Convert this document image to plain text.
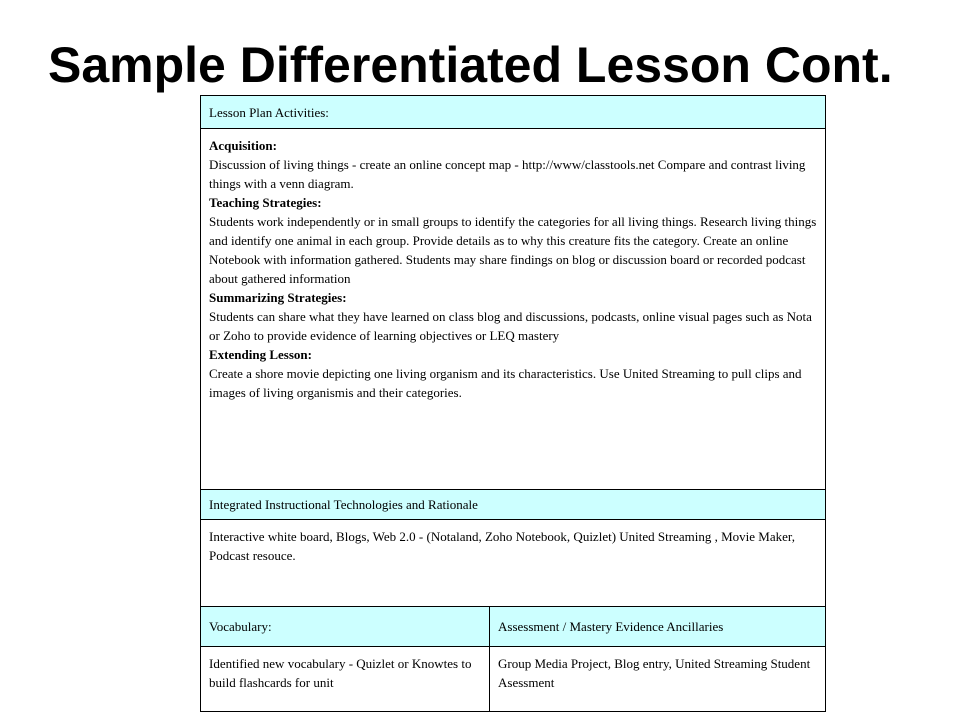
Sample Differentiated Lesson Cont.
Lesson Plan Activities:
Acquisition:
Discussion of living things - create an online concept map - http://www/classtools.net Compare and contrast living things with a venn diagram.
Teaching Strategies:
Students work independently or in small groups to identify the categories for all living things. Research living things and identify one animal in each group. Provide details as to why this creature fits the category. Create an online Notebook with information gathered. Students may share findings on blog or discussion board or recorded podcast about gathered information
Summarizing Strategies:
Students can share what they have learned on class blog and discussions, podcasts, online visual pages such as Nota or Zoho to provide evidence of learning objectives or LEQ mastery
Extending Lesson:
Create a shore movie depicting one living organism and its characteristics. Use United Streaming to pull clips and images of living organismis and their categories.
Integrated Instructional Technologies and Rationale
Interactive white board, Blogs, Web 2.0 - (Notaland, Zoho Notebook, Quizlet) United Streaming , Movie Maker, Podcast resouce.
Vocabulary:	Assessment / Mastery Evidence Ancillaries
Identified new vocabulary - Quizlet or Knowtes to build flashcards for unit
Group Media Project, Blog entry, United Streaming Student Asessment
